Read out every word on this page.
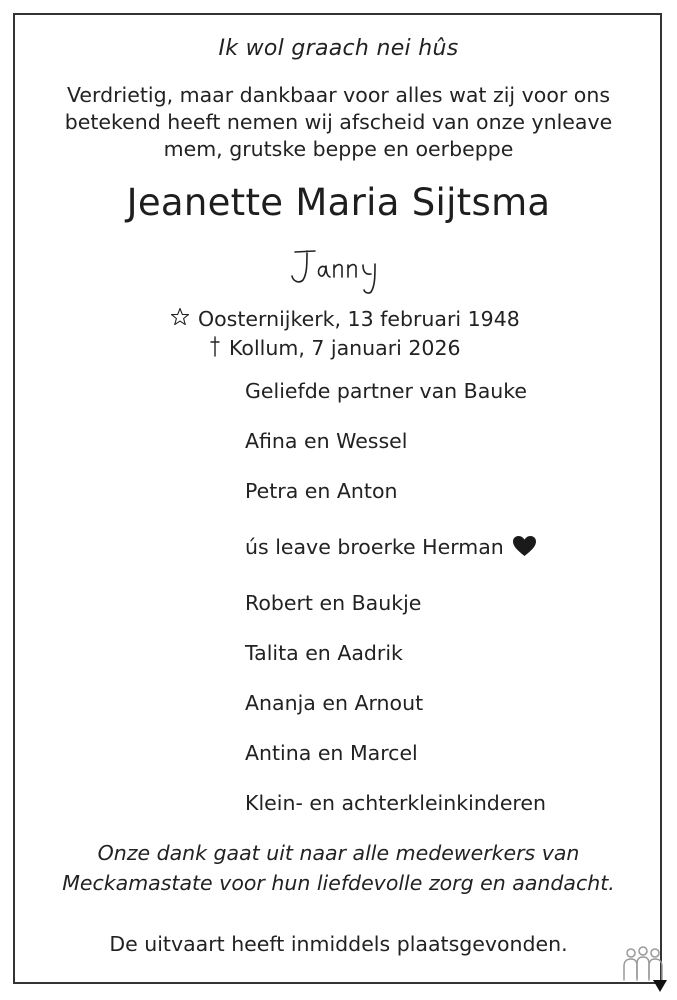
Ik wol graach nei hûs
Verdrietig, maar dankbaar voor alles wat zij voor ons
betekend heeft nemen wij afscheid van onze ynleave
mem, grutske beppe en oerbeppe
Jeanette Maria Sijtsma
Oosternijkerk, 13 februari 1948
Kollum, 7 januari 2026
Geliefde partner van Bauke
Afina en Wessel
Petra en Anton
ús leave broerke Herman
Robert en Baukje
Talita en Aadrik
Ananja en Arnout
Antina en Marcel
Klein- en achterkleinkinderen
Onze dank gaat uit naar alle medewerkers van
Meckamastate voor hun liefdevolle zorg en aandacht.
De uitvaart heeft inmiddels plaatsgevonden.
